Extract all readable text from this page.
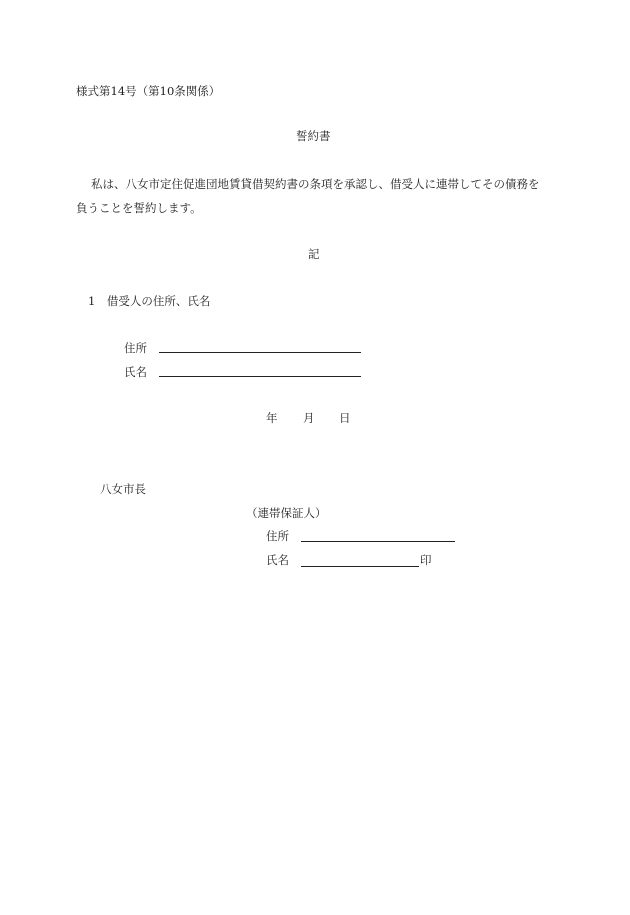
様式第14号（第10条関係）
誓約書
私は、八女市定住促進団地賃貸借契約書の条項を承認し、借受人に連帯してその債務を
負うことを誓約します。
記
1　借受人の住所、氏名
住所
氏名
年 月 日
八女市長
（連帯保証人）
住所
氏名	印
